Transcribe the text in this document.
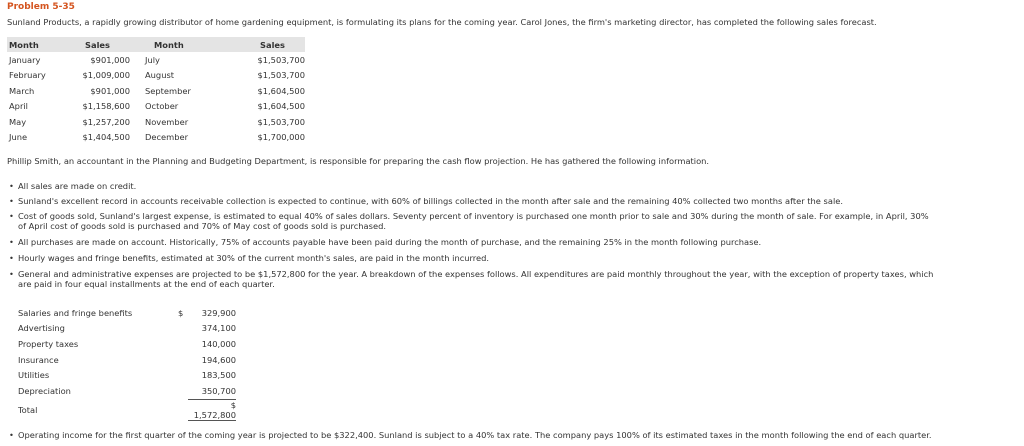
Problem 5-35
Sunland Products, a rapidly growing distributor of home gardening equipment, is formulating its plans for the coming year. Carol Jones, the firm's marketing director, has completed the following sales forecast.
Month	Sales	Month	Sales
January	$901,000	July	$1,503,700
February	$1,009,000	August	$1,503,700
March	$901,000	September	$1,604,500
April	$1,158,600	October	$1,604,500
May	$1,257,200	November	$1,503,700
June	$1,404,500	December	$1,700,000
Phillip Smith, an accountant in the Planning and Budgeting Department, is responsible for preparing the cash flow projection. He has gathered the following information.
• All sales are made on credit.
• Sunland's excellent record in accounts receivable collection is expected to continue, with 60% of billings collected in the month after sale and the remaining 40% collected two months after the sale.
• Cost of goods sold, Sunland's largest expense, is estimated to equal 40% of sales dollars. Seventy percent of inventory is purchased one month prior to sale and 30% during the month of sale. For example, in April, 30%
of April cost of goods sold is purchased and 70% of May cost of goods sold is purchased.
• All purchases are made on account. Historically, 75% of accounts payable have been paid during the month of purchase, and the remaining 25% in the month following purchase.
• Hourly wages and fringe benefits, estimated at 30% of the current month's sales, are paid in the month incurred.
• General and administrative expenses are projected to be $1,572,800 for the year. A breakdown of the expenses follows. All expenditures are paid monthly throughout the year, with the exception of property taxes, which
are paid in four equal installments at the end of each quarter.
Salaries and fringe benefits	$	329,900
Advertising		374,100
Property taxes		140,000
Insurance		194,600
Utilities		183,500
Depreciation		350,700
Total		$ 1,572,800
• Operating income for the first quarter of the coming year is projected to be $322,400. Sunland is subject to a 40% tax rate. The company pays 100% of its estimated taxes in the month following the end of each quarter.
